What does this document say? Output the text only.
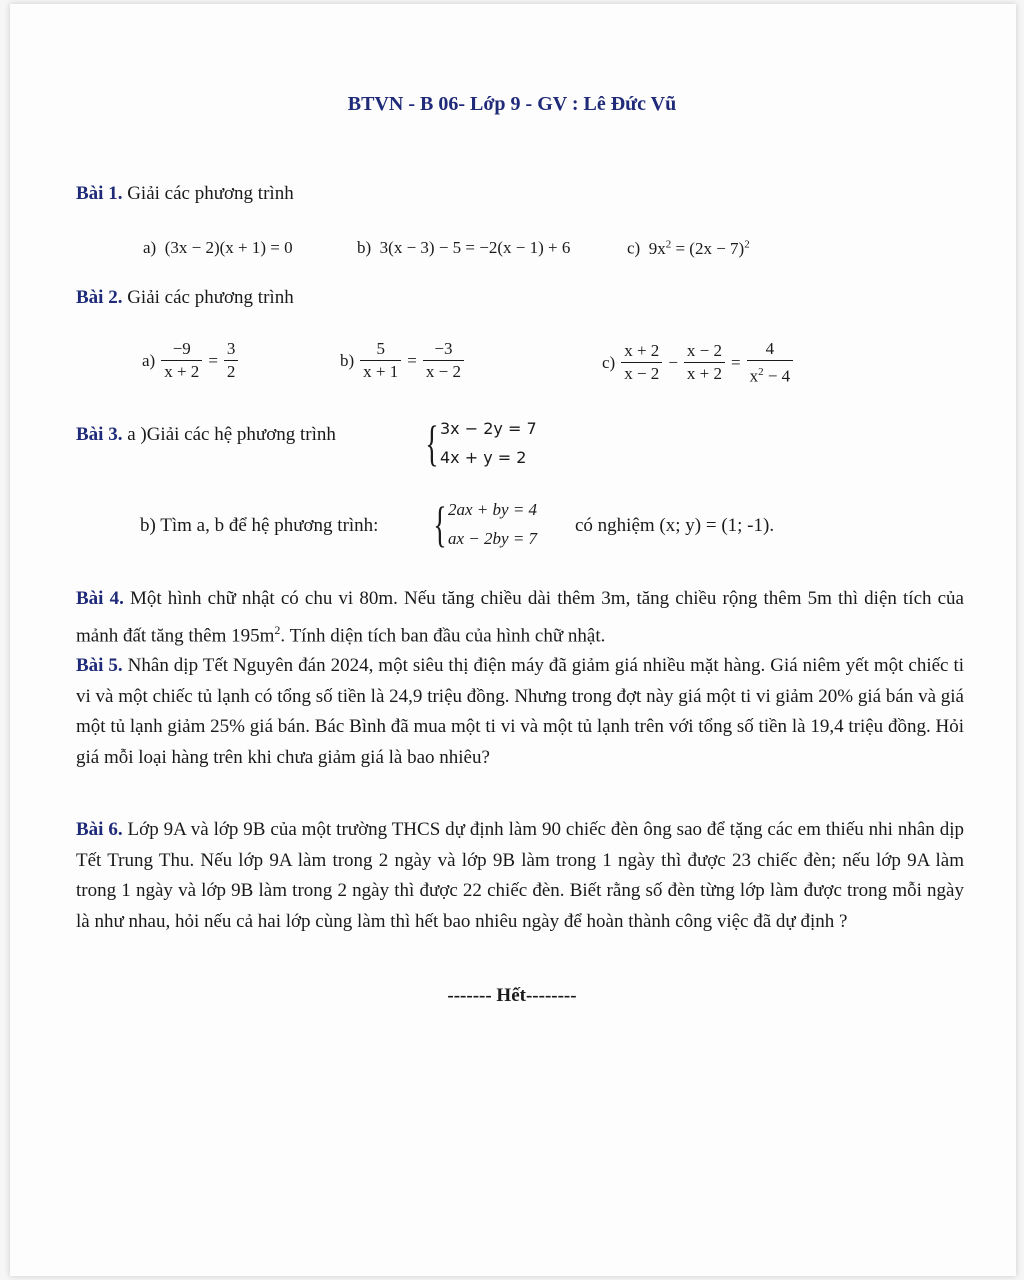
BTVN - B 06- Lớp 9 - GV : Lê Đức Vũ
Bài 1. Giải các phương trình
a) (3x − 2)(x + 1) = 0	b) 3(x − 3) − 5 = −2(x − 1) + 6	c) $9x^2 = (2x - 7)^2$
Bài 2. Giải các phương trình
$a) \frac{-9}{x + 2} = \frac{3}{2}$	$b) \frac{5}{x + 1} = \frac{-3}{x - 2}$	$c) \frac{x + 2}{x - 2} - \frac{x - 2}{x + 2} = \frac{4}{x^2 - 4}$
Bài 3. a )Giải các hệ phương trình { 3x − 2y = 7
4x + y = 2
b) Tìm a, b để hệ phương trình: { 2ax + by = 4
ax − 2by = 7
có nghiệm (x; y) = (1; -1).
Bài 4. Một hình chữ nhật có chu vi 80m. Nếu tăng chiều dài thêm 3m, tăng chiều rộng thêm 5m thì diện tích của mảnh đất tăng thêm $195m^2$. Tính diện tích ban đầu của hình chữ nhật.
Bài 5. Nhân dịp Tết Nguyên đán 2024, một siêu thị điện máy đã giảm giá nhiều mặt hàng. Giá niêm yết một chiếc ti vi và một chiếc tủ lạnh có tổng số tiền là 24,9 triệu đồng. Nhưng trong đợt này giá một ti vi giảm 20% giá bán và giá một tủ lạnh giảm 25% giá bán. Bác Bình đã mua một ti vi và một tủ lạnh trên với tổng số tiền là 19,4 triệu đồng. Hỏi giá mỗi loại hàng trên khi chưa giảm giá là bao nhiêu?
Bài 6. Lớp 9A và lớp 9B của một trường THCS dự định làm 90 chiếc đèn ông sao để tặng các em thiếu nhi nhân dịp Tết Trung Thu. Nếu lớp 9A làm trong 2 ngày và lớp 9B làm trong 1 ngày thì được 23 chiếc đèn; nếu lớp 9A làm trong 1 ngày và lớp 9B làm trong 2 ngày thì được 22 chiếc đèn. Biết rằng số đèn từng lớp làm được trong mỗi ngày là như nhau, hỏi nếu cả hai lớp cùng làm thì hết bao nhiêu ngày để hoàn thành công việc đã dự định ?
------- Hết--------
